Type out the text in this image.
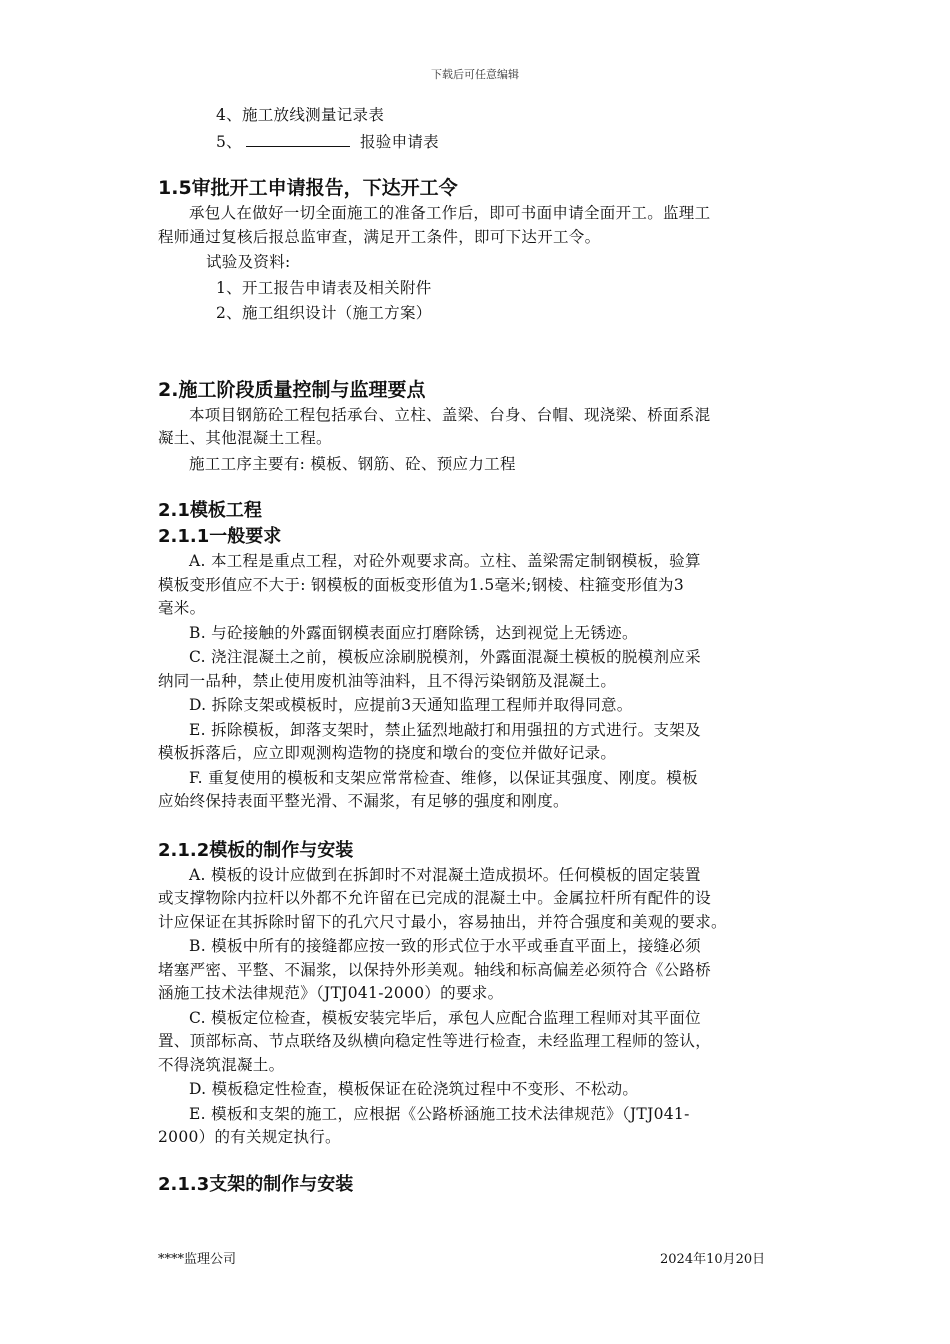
下载后可任意编辑

4、施工放线测量记录表

5、	报验申请表

1.5审批开工申请报告，下达开工令

承包人在做好一切全面施工的准备工作后，即可书面申请全面开工。监理工

程师通过复核后报总监审查，满足开工条件，即可下达开工令。

试验及资料:

1、开工报告申请表及相关附件

2、施工组织设计（施工方案）

2.施工阶段质量控制与监理要点

本项目钢筋砼工程包括承台、立柱、盖梁、台身、台帽、现浇梁、桥面系混

凝土、其他混凝土工程。

施工工序主要有: 模板、钢筋、砼、预应力工程

2.1模板工程
2.1.1一般要求

A. 本工程是重点工程，对砼外观要求高。立柱、盖梁需定制钢模板，验算

模板变形值应不大于: 钢模板的面板变形值为1.5毫米;钢棱、柱箍变形值为3

毫米。

B. 与砼接触的外露面钢模表面应打磨除锈，达到视觉上无锈迹。

C. 浇注混凝土之前，模板应涂刷脱模剂，外露面混凝土模板的脱模剂应采

纳同一品种，禁止使用废机油等油料，且不得污染钢筋及混凝土。

D. 拆除支架或模板时，应提前3天通知监理工程师并取得同意。

E. 拆除模板，卸落支架时，禁止猛烈地敲打和用强扭的方式进行。支架及

模板拆落后，应立即观测构造物的挠度和墩台的变位并做好记录。

F. 重复使用的模板和支架应常常检查、维修，以保证其强度、刚度。模板

应始终保持表面平整光滑、不漏浆，有足够的强度和刚度。

2.1.2模板的制作与安装

A. 模板的设计应做到在拆卸时不对混凝土造成损坏。任何模板的固定装置

或支撑物除内拉杆以外都不允许留在已完成的混凝土中。金属拉杆所有配件的设

计应保证在其拆除时留下的孔穴尺寸最小，容易抽出，并符合强度和美观的要求。

B. 模板中所有的接缝都应按一致的形式位于水平或垂直平面上，接缝必须

堵塞严密、平整、不漏浆，以保持外形美观。轴线和标高偏差必须符合《公路桥

涵施工技术法律规范》（JTJ041-2000）的要求。

C. 模板定位检查，模板安装完毕后，承包人应配合监理工程师对其平面位

置、顶部标高、节点联络及纵横向稳定性等进行检查，未经监理工程师的签认，

不得浇筑混凝土。

D. 模板稳定性检查，模板保证在砼浇筑过程中不变形、不松动。

E. 模板和支架的施工，应根据《公路桥涵施工技术法律规范》（JTJ041-

2000）的有关规定执行。

2.1.3支架的制作与安装
****监理公司	2024年10月20日
